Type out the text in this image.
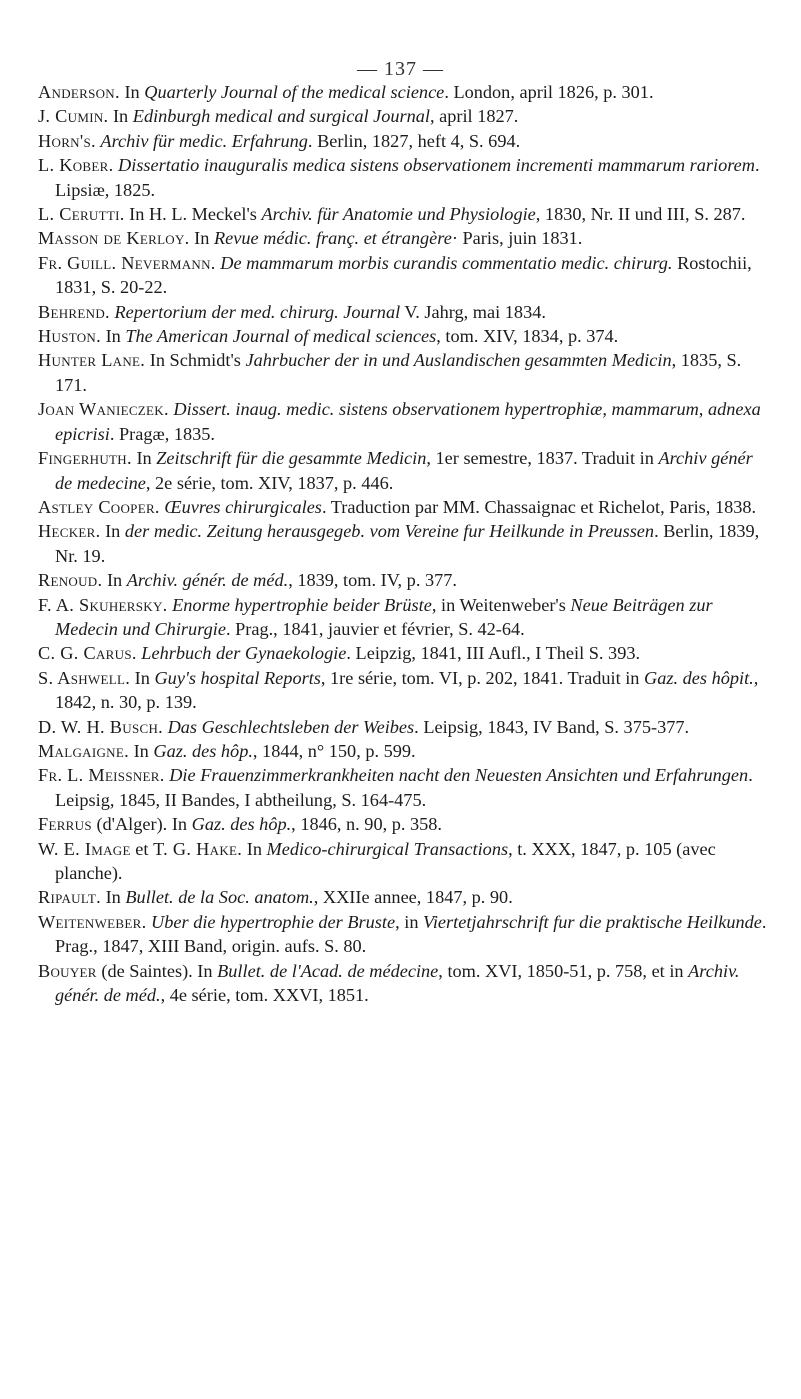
— 137 —

Anderson. In Quarterly Journal of the medical science. London, april 1826, p. 301.

J. Cumin. In Edinburgh medical and surgical Journal, april 1827.

Horn's. Archiv für medic. Erfahrung. Berlin, 1827, heft 4, S. 694.

L. Kober. Dissertatio inauguralis medica sistens observationem incrementi mammarum rariorem. Lipsiæ, 1825.

L. Cerutti. In H. L. Meckel's Archiv. für Anatomie und Physiologie, 1830, Nr. II und III, S. 287.

Masson de Kerloy. In Revue médic. franç. et étrangère· Paris, juin 1831.

Fr. Guill. Nevermann. De mammarum morbis curandis commentatio medic. chirurg. Rostochii, 1831, S. 20-22.

Behrend. Repertorium der med. chirurg. Journal V. Jahrg, mai 1834.

Huston. In The American Journal of medical sciences, tom. XIV, 1834, p. 374.

Hunter Lane. In Schmidt's Jahrbucher der in und Auslandischen gesammten Medicin, 1835, S. 171.

Joan Wanieczek. Dissert. inaug. medic. sistens observationem hypertrophiæ, mammarum, adnexa epicrisi. Pragæ, 1835.

Fingerhuth. In Zeitschrift für die gesammte Medicin, 1er semestre, 1837. Traduit in Archiv génér de medecine, 2e série, tom. XIV, 1837, p. 446.

Astley Cooper. Œuvres chirurgicales. Traduction par MM. Chassaignac et Richelot, Paris, 1838.

Hecker. In der medic. Zeitung herausgegeb. vom Vereine fur Heilkunde in Preussen. Berlin, 1839, Nr. 19.

Renoud. In Archiv. génér. de méd., 1839, tom. IV, p. 377.

F. A. Skuhersky. Enorme hypertrophie beider Brüste, in Weitenweber's Neue Beiträgen zur Medecin und Chirurgie. Prag., 1841, jauvier et février, S. 42-64.

C. G. Carus. Lehrbuch der Gynaekologie. Leipzig, 1841, III Aufl., I Theil S. 393.

S. Ashwell. In Guy's hospital Reports, 1re série, tom. VI, p. 202, 1841. Traduit in Gaz. des hôpit., 1842, n. 30, p. 139.

D. W. H. Busch. Das Geschlechtsleben der Weibes. Leipsig, 1843, IV Band, S. 375-377.

Malgaigne. In Gaz. des hôp., 1844, n° 150, p. 599.

Fr. L. Meissner. Die Frauenzimmerkrankheiten nacht den Neuesten Ansichten und Erfahrungen. Leipsig, 1845, II Bandes, I abtheilung, S. 164-475.

Ferrus (d'Alger). In Gaz. des hôp., 1846, n. 90, p. 358.

W. E. Image et T. G. Hake. In Medico-chirurgical Transactions, t. XXX, 1847, p. 105 (avec planche).

Ripault. In Bullet. de la Soc. anatom., XXIIe annee, 1847, p. 90.

Weitenweber. Uber die hypertrophie der Bruste, in Viertetjahrschrift fur die praktische Heilkunde. Prag., 1847, XIII Band, origin. aufs. S. 80.

Bouyer (de Saintes). In Bullet. de l'Acad. de médecine, tom. XVI, 1850-51, p. 758, et in Archiv. génér. de méd., 4e série, tom. XXVI, 1851.
